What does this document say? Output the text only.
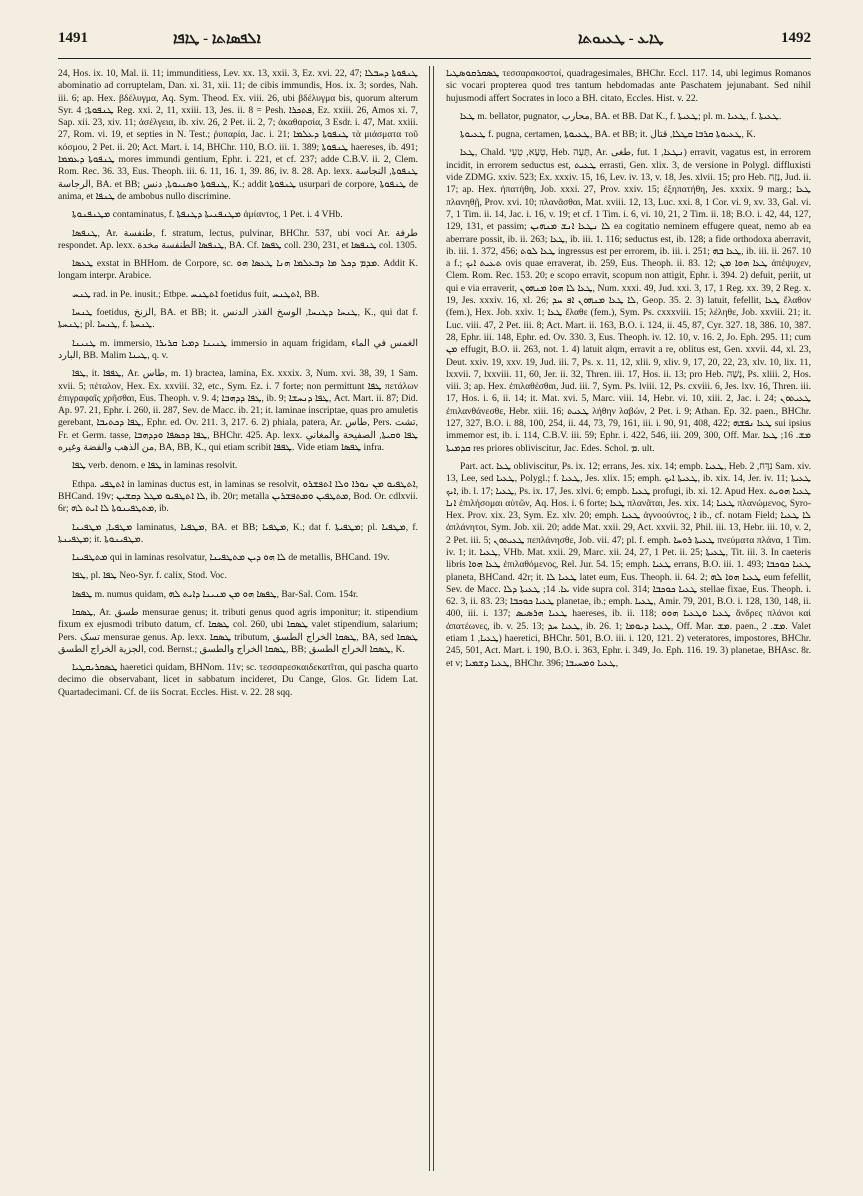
1491	ܐܠܦܣܐܬܐ - ܛܐܦܐ	ܛܐܥ - ܛܥܝܘܬܐ	1492

24, Hos. ix. 10, Mal. ii. 11; immunditiess, Lev. xx. 13, xxii. 3, Ez. xvi. 22, 47; ܛܢܦܘܬܐ ܕܚܒܠܐ abominatio ad corruptelam, Dan. xi. 31, xii. 11; de cibis immundis, Hos. ix. 3; sordes, Nah. iii. 6; ap. Hex. βδέλυγμα, Aq. Sym. Theod. Ex. viii. 26, ubi βδέλυγμα bis, quorum alterum Syr. ܛܢܦܘܬܐ; 4 Reg. xxi. 2, 11, xxiii. 13, Jes. ii. 8 = Pesh. ܦܬܟܪܐ, Ez. xxiii. 26, Amos xi. 7, Sap. xii. 23, xiv. 11; ἀσέλγεια, ib. xiv. 26, 2 Pet. ii. 2, 7; ἀκαθαρσία, 3 Esdr. i. 47, Mat. xxiii. 27, Rom. vi. 19, et septies in N. Test.; ῥυπαρία, Jac. i. 21; ܛܢܦܘܬܐ ܕܥܠܡܐ τὰ μιάσματα τοῦ κόσμου, 2 Pet. ii. 20; Act. Mart. i. 14, BHChr. 110, B.O. iii. 1. 389; ܛܢܦܘܬܐ haereses, ib. 491; ܛܢܦܘܬܐ ܕܥܡܡܐ mores immundi gentium, Ephr. i. 221, et cf. 237; adde C.B.V. ii. 2, Clem. Rom. Rec. 36. 33, Eus. Theoph. iii. 6. 11, 16. 1, 39. 86, iv. 8. 28. Ap. lexx. ܛܢܦܘܬܐ, النجاسة الرجاسة, BA. et BB; ܛܢܦܘܬܐ ܘܣܢܝܘܬܐ, دنس, K.; addit ܛܢܦܘܬܐ usurpari de corpore, ܛܢܦܘܬܐ de anima, et ܛܢܦܐ de ambobus nullo discrimine.

ܡܛܢܦܢܘܬܐ contaminatus, f. ܡܛܢܦܢܝܬܐ ܕܛܢܦܬܐ ἀμίαντος, 1 Pet. i. 4 VHb.

ܛܢܦܣܐ, Ar. طنفسة, f. stratum, lectus, pulvinar, BHChr. 537, ubi voci Ar. طرفة respondet. Ap. lexx. ܛܢܦܣܐ الطنفسة مخدة, BA. Cf. ܛܦܣܐ coll. 230, 231, et ܛܢܦܣܐ col. 1305.

ܛܥܣܐ exstat in BHHom. de Corpore, sc. ܡܕܡ ܕܟܠ ܡܐ ܕܒܥܠܡܐ ܗܢܐ ܛܥܣܐ ܗܘ. Addit K. longam interpr. Arabice.

ܛܢܚ rad. in Pe. inusit.; Etbpe. ܐܬܛܢܚ foetidus fuit, ܐܬܛܢܚ, BB.

ܛܢܚܐ foetidus, الزنخ, BA. et BB; it. ܛܢܚܐ ܕܛܢܚܐ, الوسخ القذر الدنس, K., qui dat f. ܛܢܚܬܐ; pl. ܛܢܚܐ, f. ܛܢܚܬܐ.

ܛܢܝܢܐ m. immersio, ܛܢܝܢܐ ܕܡܝܐ ܩܪܝܪܐ immersio in aquam frigidam, الغمس في الماء البارد, BB. Malim ܛܝܢܐ, q. v.

ܛܦܐ, it. ܛܦܦܐ, Ar. طاس, m. 1) bractea, lamina, Ex. xxxix. 3, Num. xvi. 38, 39, 1 Sam. xvii. 5; πέταλον, Hex. Ex. xxviii. 32, etc., Sym. Ez. i. 7 forte; non permittunt ܛܦܐ πετάλων ἐπιγραφαῖς χρῆσθαι, Eus. Theoph. v. 9. 4; ܛܦܐ ܕܕܗܒܐ, ib. 9; ܛܦܐ ܕܢܚܫܐ, Act. Mart. ii. 87; Did. Ap. 97. 21, Ephr. i. 260, ii. 287, Sev. de Macc. ib. 21; it. laminae inscriptae, quas pro amuletis gerebant, ܛܦܐ ܕܟܬܝܒܐ, Ephr. ed. Ov. 211. 3, 217. 6. 2) phiala, patera, Ar. طاس, Pers. تشت, Fr. et Germ. tasse, ܛܦܐ ܕܟܣܦܐ ܘܕܕܗܒܐ, BHChr. 425. Ap. lexx. ܛܦܐ ܘܩܝܬܐ, الصفيحة والمغاني من الذهب والفضة وغيره, BA, BB, K., qui etiam scribit ܛܦܦܐ. Vide etiam ܛܦܣܐ infra.

ܛܦܐ verb. denom. e ܛܦܐ in laminas resolvit.

Ethpa. ܐܬܛܦܝ in laminas ductus est, in laminas se resolvit, ܐܬܛܦܝܘ ܡܢ ܢܘܪܐ ܘܠܐ ܐܬܦܫܪܘ, BHCand. 19v; ܠܐ ܐܬܛܦܝܘ ܡܛܠ ܕܩܫܝܢ, ib. 20r; metalla ܡܬܛܦܝܢ ܘܡܬܦܫܪܝܢ, Bod. Or. cdlxvii. 6r; ܡܬܛܦܝܢܘܬܐ ܠܐ ܐܝܬ ܠܗ, ib.

ܡܛܦܝܐ, ܡܛܦܝܢܐ laminatus, ܡܛܦܝܐ, BA. et BB; ܡܛܦܝܐ, K.; dat f. ܡܛܦܝܬܐ; pl. ܡܛܦܝܐ, f. ܡܛܦܝܢܬܐ; it. ܡܛܦܝܢܘܬܐ.

ܡܬܛܦܝܢܐ qui in laminas resolvatur, ܠܐ ܗܘ ܕܝܢ ܡܬܛܦܝܢܐ de metallis, BHCand. 19v.

ܛܦܐ, pl. ܛܦܐ Neo-Syr. f. calix, Stod. Voc.

ܛܦܣܐ m. numus quidam, ܛܦܣܐ ܗܘ ܡܢ ܡܢܝܢܐ ܕܐܝܬ ܠܗ, Bar-Sal. Com. 154r.

ܛܣܩܐ, Ar. طسق mensurae genus; it. tributi genus quod agris imponitur; it. stipendium fixum ex ejusmodi tributo datum, cf. ܛܣܩܐ col. 260, ubi ܛܣܩܐ valet stipendium, salarium; Pers. تسک mensurae genus. Ap. lexx. ܛܣܩܐ tributum, ܛܣܩܐ الخراج الطسق, BA, sed ܛܣܩܐ الجزية الخراج الطسق, cod. Bernst.; ܛܣܩܐ الخراج والطسق, BB; ܛܣܩܐ الخراج الطسق, K.

ܛܣܩܪܝܩܛܝܐ haeretici quidam, BHNom. 11v; sc. τεσσαρεσκαιδεκατῖται, qui pascha quarto decimo die observabant, licet in sabbatum incideret, Du Cange, Glos. Gr. Iidem Lat. Quartadecimani. Cf. de iis Socrat. Eccles. Hist. v. 22. 28 sqq.

ܛܣܩܪܩܘܣܛܝܐ τεσσαρακοστοί, quadragesimales, BHChr. Eccl. 117. 14, ubi legimus Romanos sic vocari propterea quod tres tantum hebdomadas ante Paschatem jejunabant. Sed nihil hujusmodi affert Socrates in loco a BH. citato, Eccles. Hist. v. 22.

ܛܥܐ m. bellator, pugnator, محارب, BA. et BB. Dat K., f. ܛܥܝܬܐ; pl. m. ܛܥܝܐ, f. ܛܥܝܬܐ.

ܛܥܝܘܬܐ f. pugna, certamen, ܛܥܝܘܬܐ, BA. et BB; it. ܛܥܝܘܬܐ ܩܪܒܐ ܩܛܠܐ, قتال, K.

ܛܥܐ, Chald. טְעָא, טְעֵי, Heb. תָּעָה, Ar. طغى, fut. ܢܛܥܐ, 1) erravit, vagatus est, in errorem incidit, in errorem seductus est, ܛܥܝܬ errasti, Gen. xlix. 3, de versione in Polygl. diffluxisti vide ZDMG. xxiv. 523; Ex. xxxiv. 15, 16, Lev. iv. 13, v. 18, Jes. xlvii. 15; pro Heb. נָזַח, Jud. ii. 17; ap. Hex. ἠπατήθη, Job. xxxi. 27, Prov. xxiv. 15; ἐξηπατήθη, Jes. xxxix. 9 marg.; ܛܥܐ πλανηθῇ, Prov. xvi. 10; πλανᾶσθαι, Mat. xviii. 12, 13, Luc. xxi. 8, 1 Cor. vi. 9, xv. 33, Gal. vi. 7, 1 Tim. ii. 14, Jac. i. 16, v. 19; et cf. 1 Tim. i. 6, vi. 10, 21, 2 Tim. ii. 18; B.O. i. 42, 44, 127, 129, 131, et passim; ܠܐ ܢܛܥܐ ܐܢܫ ܡܢܗܝܢ ea cogitatio neminem effugere queat, nemo ab ea aberrare possit, ib. ii. 263; ܛܥܐ, ib. iii. 1. 116; seductus est, ib. 128; a fide orthodoxa aberravit, ib. iii. 1. 372, 456; ܛܥܐ ܠܘܬ ingressus est per errorem, ib. iii. i. 251; ܛܥܐ ܒܗ, ib. iii. ii. 267. 10 a f.; ܬܥܝܬ ܐܝܟ ovis quae erraverat, ib. 259, Eus. Theoph. ii. 83. 12; ܛܥܐ ܗܘܐ ܡܢ ἀπέψυχεν, Clem. Rom. Rec. 153. 20; e scopo erravit, scopum non attigit, Ephr. i. 394. 2) defuit, periit, ut qui e via erraverit, ܛܥܐ ܠܐ ܗܘܐ ܡܢܗܘܢ, Num. xxxi. 49, Jud. xxi. 3, 17, 1 Reg. xx. 39, 2 Reg. x. 19, Jes. xxxiv. 16, xl. 26; ܠܐ ܛܥܐ ܡܢܗܘܢ ܐܦ ܚܕ, Geop. 35. 2. 3) latuit, fefellit, ܛܥܐ ἔλαθον (fem.), Hex. Job. xxiv. 1; ܛܥܐ ἔλαθε (fem.), Sym. Ps. cxxxviii. 15; λέληθε, Job. xxviii. 21; it. Luc. viii. 47, 2 Pet. iii. 8; Act. Mart. ii. 163, B.O. i. 124, ii. 45, 87, Cyr. 327. 18, 386. 10, 387. 28, Ephr. iii. 148, Ephr. ed. Ov. 330. 3, Eus. Theoph. iv. 12. 10, v. 16. 2, Jo. Eph. 295. 11; cum ܡܢ effugit, B.O. ii. 263, not. 1. 4) latuit alqm, erravit a re, oblitus est, Gen. xxvii. 44, xl. 23, Deut. xxiv. 19, xxv. 19, Jud. iii. 7, Ps. x. 11, 12, xlii. 9, xliv. 9, 17, 20, 22, 23, xlv. 10, lix. 11, lxxvii. 7, lxxviii. 11, 60, Jer. ii. 32, Thren. iii. 17, Hos. ii. 13; pro Heb. נָשָׁה, Ps. xliii. 2, Hos. viii. 3; ap. Hex. ἐπιλαθέσθαι, Jud. iii. 7, Sym. Ps. lviii. 12, Ps. cxviii. 6, Jes. lxv. 16, Thren. iii. 17, Hos. i. 6, ii. 14; it. Mat. xvi. 5, Marc. viii. 14, Hebr. vi. 10, xiii. 2, Jac. i. 24; ܛܥܝܬܘܢ ἐπιλανθάνεσθε, Hebr. xiii. 16; ܛܥܝܬ λήθην λαβών, 2 Pet. i. 9; Athan. Ep. 32. paen., BHChr. 127, 327, B.O. i. 88, 100, 254, ii. 44, 73, 79, 161, iii. i. 90, 91, 408, 422; ܛܥܐ ܢܦܫܗ sui ipsius immemor est, ib. i. 114, C.B.V. iii. 59; Ephr. i. 422, 546, iii. 209, 300, Off. Mar. ܡܫ. 16; ܛܥܐ ܩܕܡܝܬܐ res priores obliviscitur, Jac. Edes. Schol. ܡ. ult.

Part. act. ܛܥܐ obliviscitur, Ps. ix. 12; errans, Jes. xix. 14; empb. ܛܥܝܐ, Heb. נִדָּח, 2 Sam. xiv. 13, Lee, sed ܛܥܝܐ, Polygl.; f. ܛܥܝܐ, Jes. xlix. 15; emph. ܛܥܝܬܐ ܐܝܟ, ib. xix. 14, Jer. iv. 11; ܛܥܝܬܐ ܐܝܟ, ib. l. 17; ܛܥܝܐ, Ps. ix. 17, Jes. xlvi. 6; empb. ܛܥܝܐ profugi, ib. xi. 12. Apud Hex. ܛܥܝܐ ܗܘܝܬ ܐܢܐ ἐπιλήσομαι αὐτῶν, Aq. Hos. i. 6 forte; ܛܥܐ πλανᾶται, Jes. xix. 14; ܛܥܝܐ πλανώμενος, Syro-Hex. Prov. xix. 23, Sym. Ez. xlv. 20; emph. ܛܥܝܐ ἀγνοούντος, ܐ ib., cf. notam Field; ܠܐ ܛܥܝܐ ἀπλάνητοι, Sym. Job. xii. 20; adde Mat. xxii. 29, Act. xxvii. 32, Phil. iii. 13, Hebr. iii. 10, v. 2, 2 Pet. iii. 5; ܛܥܝܬܘܢ πεπλάνησθε, Job. vii. 47; pl. f. emph. ܛܥܝܬܐ ܪܘܚܐ πνεύματα πλάνα, 1 Tim. iv. 1; it. ܛܥܝܐ, VHb. Mat. xxii. 29, Marc. xii. 24, 27, 1 Pet. ii. 25; ܛܥܝܬܐ, Tit. iii. 3. In caeteris libris ܛܥܐ ܗܘܐ ἐπιλαθόμενος, Rel. Jur. 54. 15; emph. ܛܥܝܐ errans, B.O. iii. 1. 493; ܛܥܝܐ ܟܘܟܒܐ planeta, BHCand. 42r; it. ܛܥܝܐ ܠܐ latet eum, Eus. Theoph. ii. 64. 2; ܛܥܝܐ ܗܘܐ ܠܗ eum fefellit, Sev. de Macc. ܥܐ. 14; ܛܥܝܬܐ ܕܠܐ vide supra col. 314; ܛܥܝܐ ܟܘܟܒܐ stellae fixae, Eus. Theoph. i. 62. 3, ii. 83. 23; ܛܥܝܐ ܟܘܟܒܐ planetae, ib.; emph. ܛܥܝܐ, Amir. 79, 201, B.O. i. 128, 130, 148, ii. 400, iii. i. 137; ܛܥܝܐ ܗܪܣܝܣ haereses, ib. ii. 118; ܛܥܝܐ ܘܛܥܝܐ ܗܘܘ ἄνδρες πλάνοι καὶ ἀπατέωνες, ib. v. 25. 13; ܛܥܝܐ ܚܕ, ib. 26. 1; ܛܥܝܐ ܕܝܘܡܐ, Off. Mar. ܡܫ. paen., ܡܫ. 2. Valet etiam ܛܥܝܐ, 1) haeretici, BHChr. 501, B.O. iii. i. 120, 121. 2) veteratores, impostores, BHChr. 245, 501, Act. Mart. i. 190, B.O. i. 363, Ephr. i. 349, Jo. Eph. 116. 19. 3) planetae, BHAsc. 8r. et v; ܛܥܝܐ ܕܫܡܝܐ, BHChr. 396; ܛܥܝܐ ܘܡܚܝܒܐ,
